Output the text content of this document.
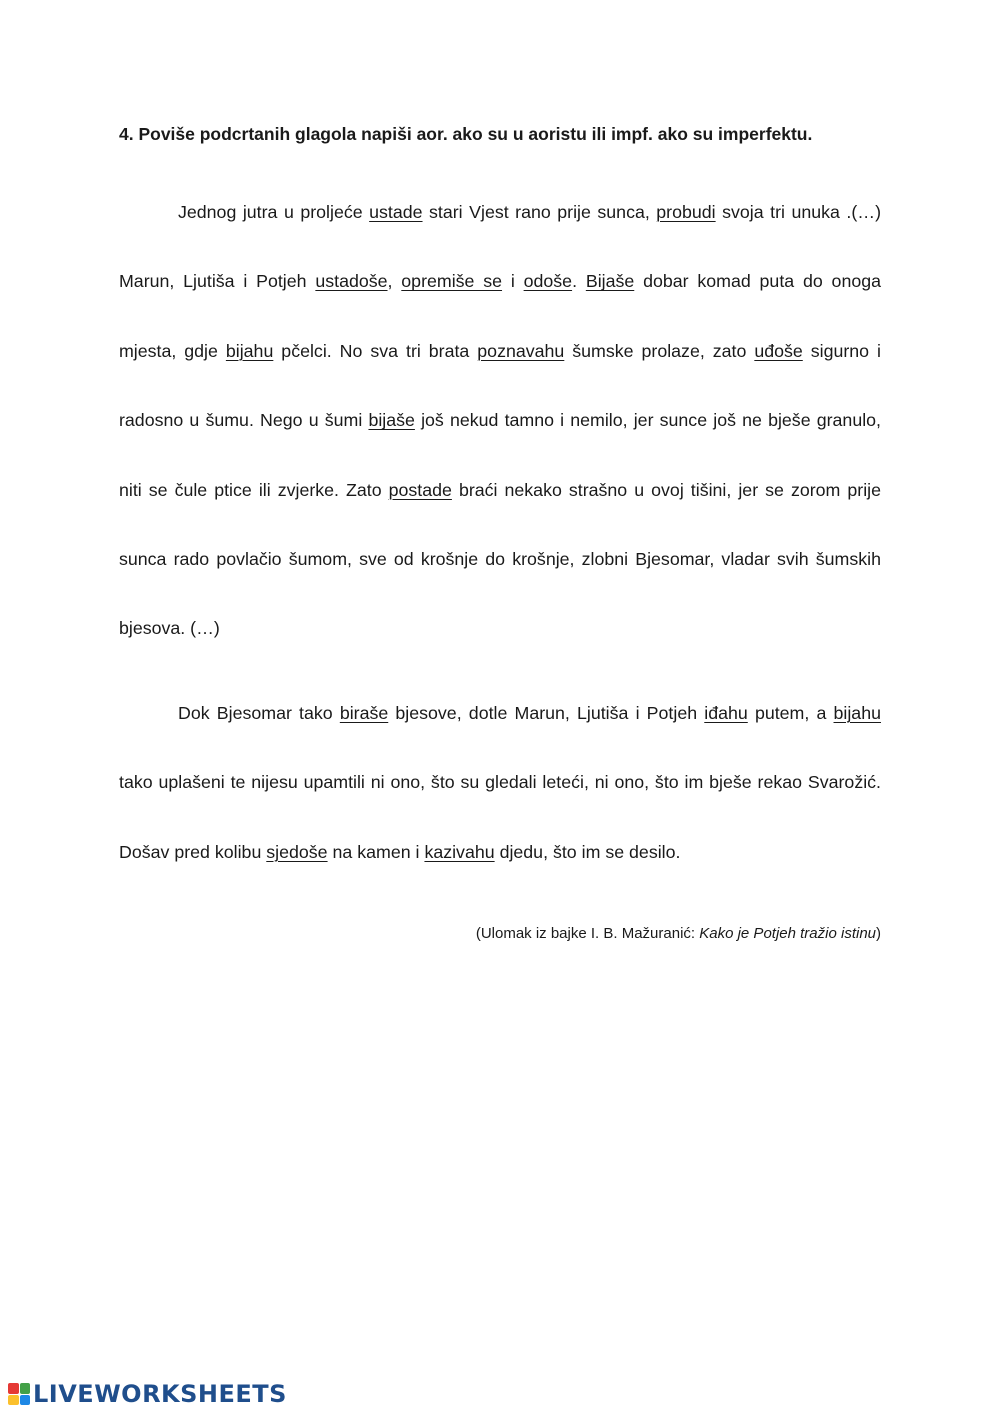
4. Poviše podcrtanih glagola napiši aor. ako su u aoristu ili impf. ako su imperfektu.

Jednog jutra u proljeće ustade stari Vjest rano prije sunca, probudi svoja tri unuka .(…) Marun, Ljutiša i Potjeh ustadoše, opremiše se i odoše. Bijaše dobar komad puta do onoga mjesta, gdje bijahu pčelci. No sva tri brata poznavahu šumske prolaze, zato uđoše sigurno i radosno u šumu. Nego u šumi bijaše još nekud tamno i nemilo, jer sunce još ne bješe granulo, niti se čule ptice ili zvjerke. Zato postade braći nekako strašno u ovoj tišini, jer se zorom prije sunca rado povlačio šumom, sve od krošnje do krošnje, zlobni Bjesomar, vladar svih šumskih bjesova. (…)

Dok Bjesomar tako biraše bjesove, dotle Marun, Ljutiša i Potjeh iđahu putem, a bijahu tako uplašeni te nijesu upamtili ni ono, što su gledali leteći, ni ono, što im bješe rekao Svarožić. Došav pred kolibu sjedoše na kamen i kazivahu djedu, što im se desilo.

(Ulomak iz bajke I. B. Mažuranić: Kako je Potjeh tražio istinu)

LIVEWORKSHEETS
